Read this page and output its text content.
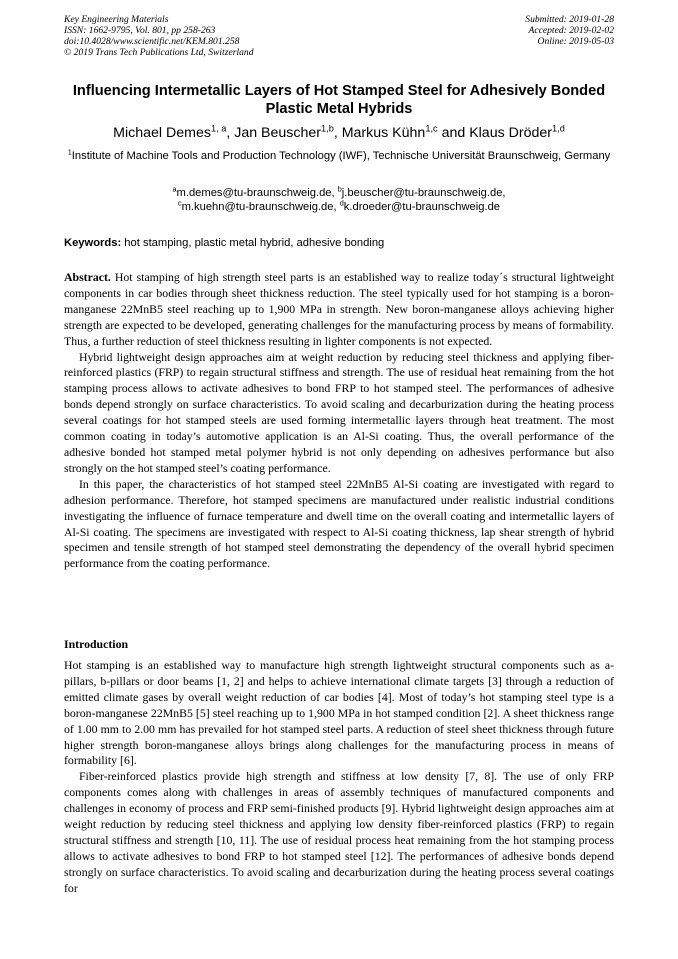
Key Engineering Materials
ISSN: 1662-9795, Vol. 801, pp 258-263
doi:10.4028/www.scientific.net/KEM.801.258
© 2019 Trans Tech Publications Ltd, Switzerland
Submitted: 2019-01-28
Accepted: 2019-02-02
Online: 2019-05-03
Influencing Intermetallic Layers of Hot Stamped Steel for Adhesively Bonded Plastic Metal Hybrids
Michael Demes$^{1, a}$, Jan Beuscher$^{1,b}$, Markus Kühn$^{1,c}$ and Klaus Dröder$^{1,d}$
$^1$Institute of Machine Tools and Production Technology (IWF), Technische Universität Braunschweig, Germany
$^a$m.demes@tu-braunschweig.de, $^b$j.beuscher@tu-braunschweig.de,
$^c$m.kuehn@tu-braunschweig.de, $^d$k.droeder@tu-braunschweig.de
Keywords: hot stamping, plastic metal hybrid, adhesive bonding

Abstract. Hot stamping of high strength steel parts is an established way to realize today´s structural lightweight components in car bodies through sheet thickness reduction. The steel typically used for hot stamping is a boron-manganese 22MnB5 steel reaching up to 1,900 MPa in strength. New boron-manganese alloys achieving higher strength are expected to be developed, generating challenges for the manufacturing process by means of formability. Thus, a further reduction of steel thickness resulting in lighter components is not expected.

Hybrid lightweight design approaches aim at weight reduction by reducing steel thickness and applying fiber-reinforced plastics (FRP) to regain structural stiffness and strength. The use of residual heat remaining from the hot stamping process allows to activate adhesives to bond FRP to hot stamped steel. The performances of adhesive bonds depend strongly on surface characteristics. To avoid scaling and decarburization during the heating process several coatings for hot stamped steels are used forming intermetallic layers through heat treatment. The most common coating in today’s automotive application is an Al-Si coating. Thus, the overall performance of the adhesive bonded hot stamped metal polymer hybrid is not only depending on adhesives performance but also strongly on the hot stamped steel’s coating performance.

In this paper, the characteristics of hot stamped steel 22MnB5 Al-Si coating are investigated with regard to adhesion performance. Therefore, hot stamped specimens are manufactured under realistic industrial conditions investigating the influence of furnace temperature and dwell time on the overall coating and intermetallic layers of Al-Si coating. The specimens are investigated with respect to Al-Si coating thickness, lap shear strength of hybrid specimen and tensile strength of hot stamped steel demonstrating the dependency of the overall hybrid specimen performance from the coating performance.

Introduction

Hot stamping is an established way to manufacture high strength lightweight structural components such as a-pillars, b-pillars or door beams [1, 2] and helps to achieve international climate targets [3] through a reduction of emitted climate gases by overall weight reduction of car bodies [4]. Most of today’s hot stamping steel type is a boron-manganese 22MnB5 [5] steel reaching up to 1,900 MPa in hot stamped condition [2]. A sheet thickness range of 1.00 mm to 2.00 mm has prevailed for hot stamped steel parts. A reduction of steel sheet thickness through future higher strength boron-manganese alloys brings along challenges for the manufacturing process in means of formability [6].

Fiber-reinforced plastics provide high strength and stiffness at low density [7, 8]. The use of only FRP components comes along with challenges in areas of assembly techniques of manufactured components and challenges in economy of process and FRP semi-finished products [9]. Hybrid lightweight design approaches aim at weight reduction by reducing steel thickness and applying low density fiber-reinforced plastics (FRP) to regain structural stiffness and strength [10, 11]. The use of residual process heat remaining from the hot stamping process allows to activate adhesives to bond FRP to hot stamped steel [12]. The performances of adhesive bonds depend strongly on surface characteristics. To avoid scaling and decarburization during the heating process several coatings for
